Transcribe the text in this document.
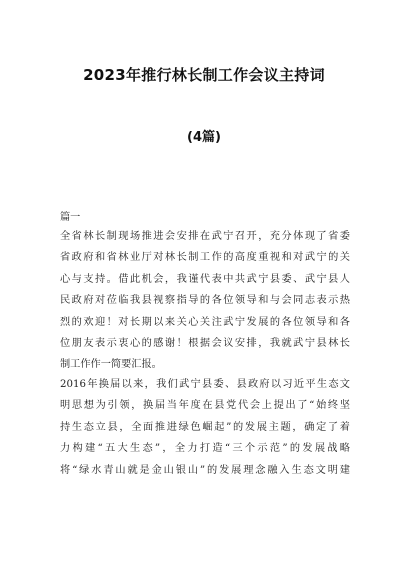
2023年推行林长制工作会议主持词
(4篇)
篇一
全省林长制现场推进会安排在武宁召开，充分体现了省委
省政府和省林业厅对林长制工作的高度重视和对武宁的关
心与支持。借此机会，我谨代表中共武宁县委、武宁县人
民政府对莅临我县视察指导的各位领导和与会同志表示热
烈的欢迎！对长期以来关心关注武宁发展的各位领导和各
位朋友表示衷心的感谢！根据会议安排，我就武宁县林长
制工作作一简要汇报。
2016年换届以来，我们武宁县委、县政府以习近平生态文
明思想为引领，换届当年度在县党代会上提出了“始终坚
持生态立县，全面推进绿色崛起”的发展主题，确定了着
力构建“五大生态”，全力打造“三个示范”的发展战略
将“绿水青山就是金山银山”的发展理念融入生态文明建
